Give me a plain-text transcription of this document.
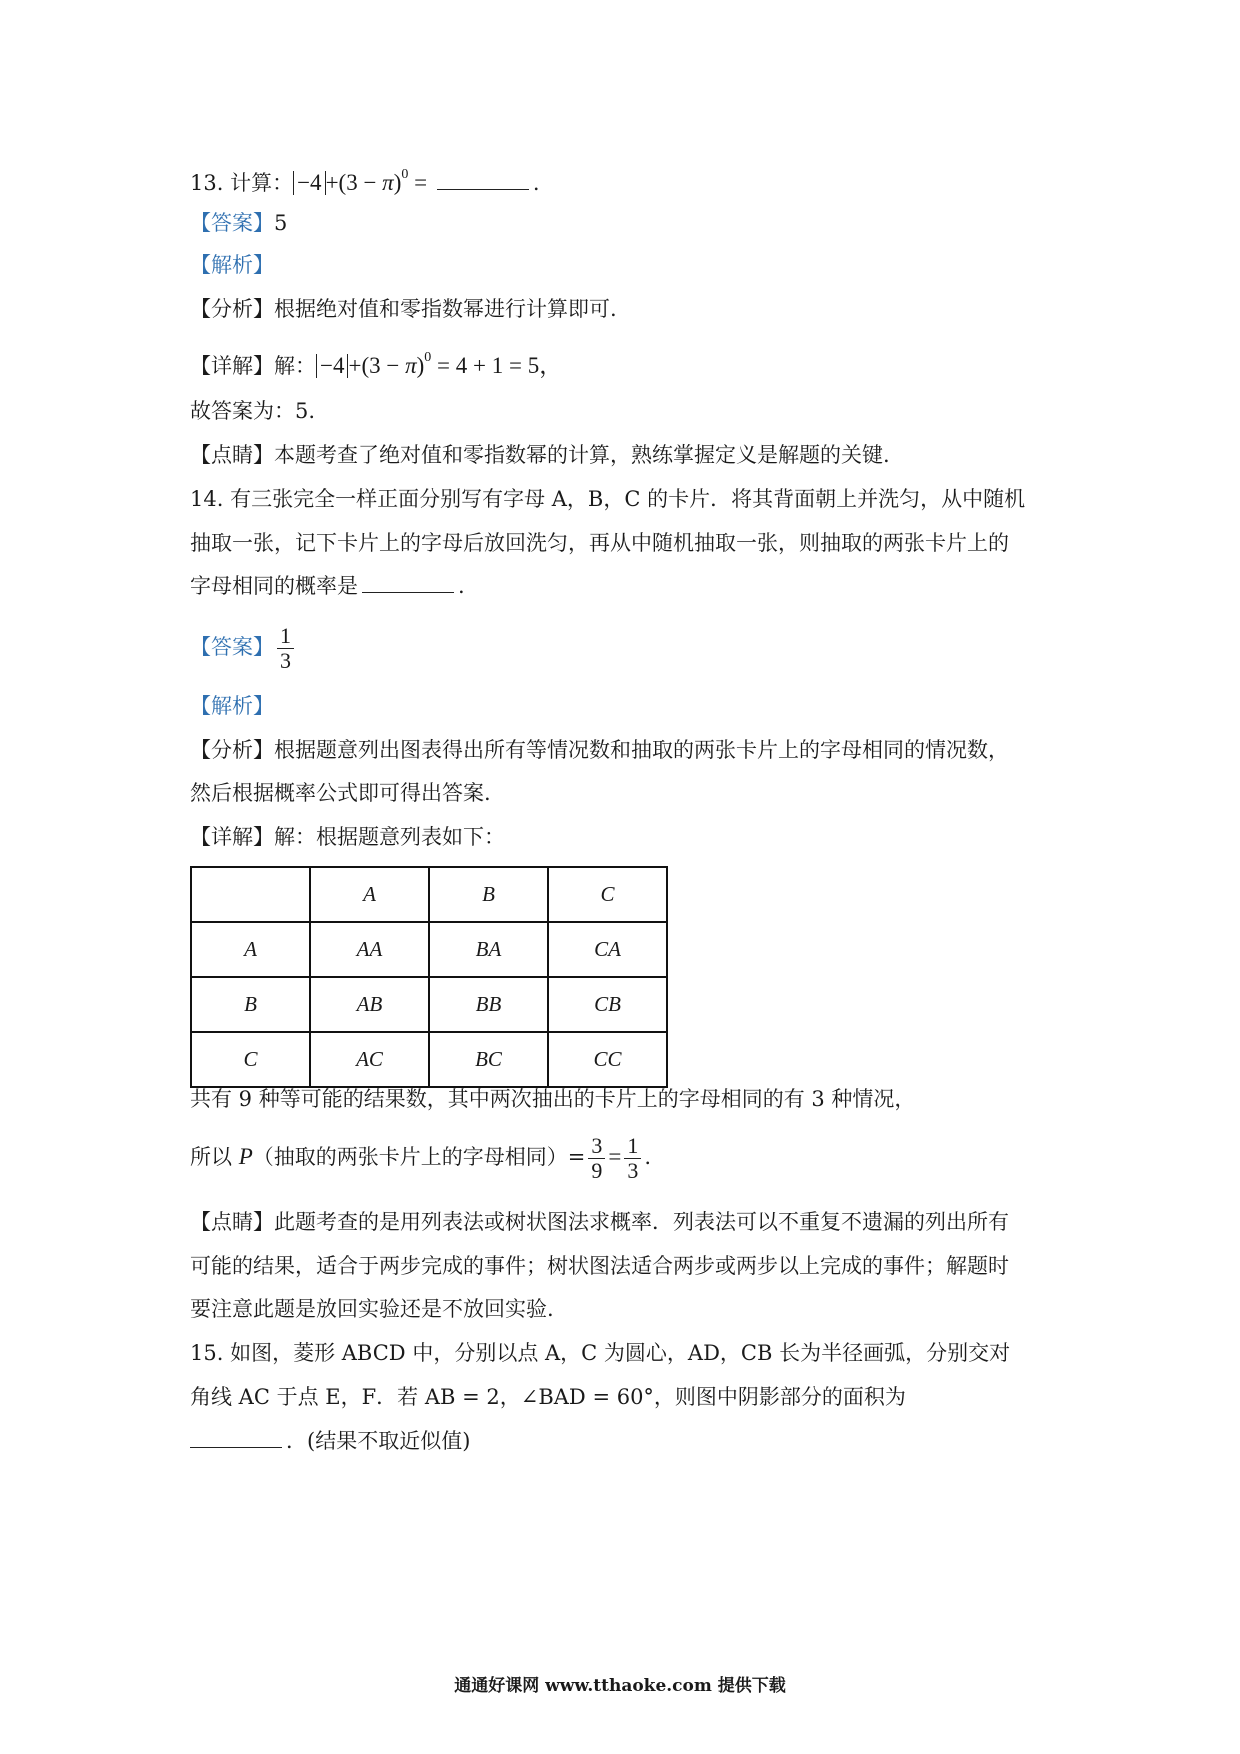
13. 计算： $-4 +(3 - \pi)^0$ =	.
【答案】5
【解析】
【分析】根据绝对值和零指数幂进行计算即可.
【详解】解： $-4 +(3 - \pi)^0 = 4 + 1 = 5$，
故答案为：5.
【点睛】本题考查了绝对值和零指数幂的计算，熟练掌握定义是解题的关键.
14. 有三张完全一样正面分别写有字母 A，B，C 的卡片．将其背面朝上并洗匀，从中随机
抽取一张，记下卡片上的字母后放回洗匀，再从中随机抽取一张，则抽取的两张卡片上的
字母相同的概率是	.
【答案】 $\frac{1}{3}$
【解析】
【分析】根据题意列出图表得出所有等情况数和抽取的两张卡片上的字母相同的情况数，
然后根据概率公式即可得出答案.
【详解】解：根据题意列表如下：
	A	B	C
A	AA	BA	CA
B	AB	BB	CB
C	AC	BC	CC
共有 9 种等可能的结果数，其中两次抽出的卡片上的字母相同的有 3 种情况，
所以 P（抽取的两张卡片上的字母相同）= $\frac{3}{9} = \frac{1}{3}$ .
【点睛】此题考查的是用列表法或树状图法求概率．列表法可以不重复不遗漏的列出所有
可能的结果，适合于两步完成的事件；树状图法适合两步或两步以上完成的事件；解题时
要注意此题是放回实验还是不放回实验.
15. 如图，菱形 ABCD 中，分别以点 A，C 为圆心，AD，CB 长为半径画弧，分别交对
角线 AC 于点 E，F．若 AB = 2，∠BAD = 60°，则图中阴影部分的面积为
．(结果不取近似值)
通通好课网 www.tthaoke.com 提供下载
